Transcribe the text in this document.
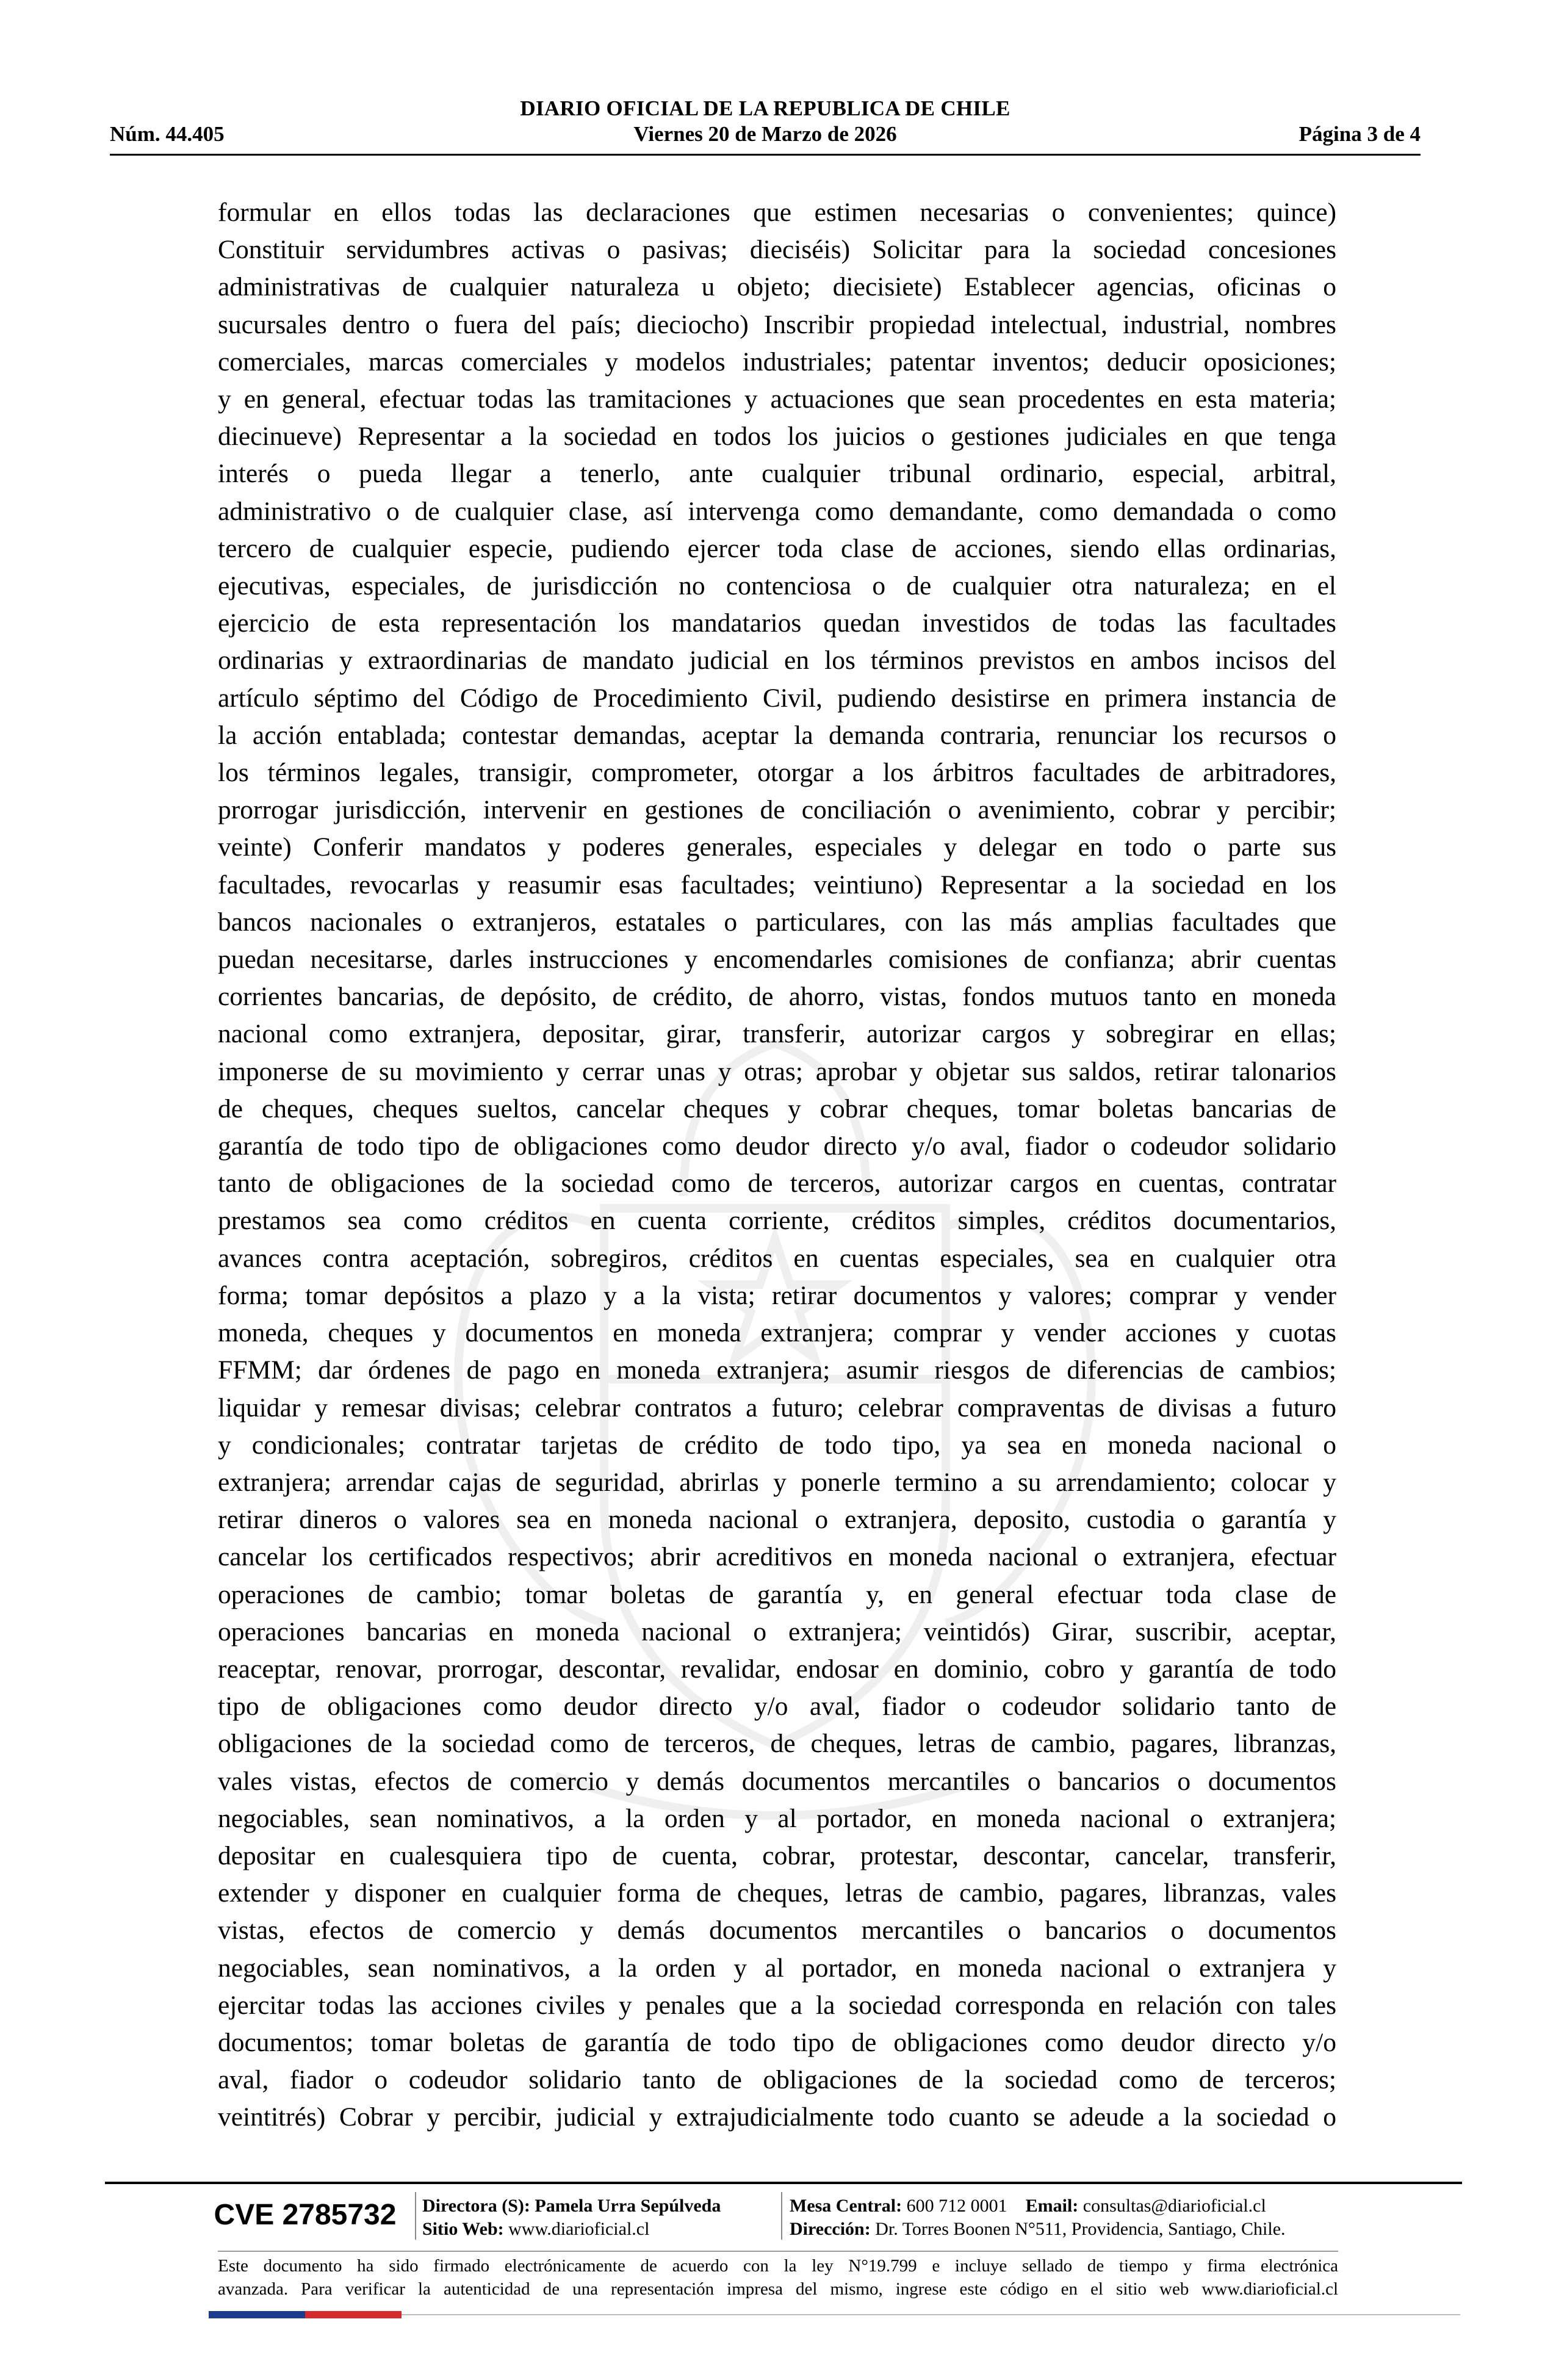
DIARIO OFICIAL DE LA REPUBLICA DE CHILE
Núm. 44.405	Viernes 20 de Marzo de 2026	Página 3 de 4

formular en ellos todas las declaraciones que estimen necesarias o convenientes; quince)

Constituir servidumbres activas o pasivas; dieciséis) Solicitar para la sociedad concesiones

administrativas de cualquier naturaleza u objeto; diecisiete) Establecer agencias, oficinas o

sucursales dentro o fuera del país; dieciocho) Inscribir propiedad intelectual, industrial, nombres

comerciales, marcas comerciales y modelos industriales; patentar inventos; deducir oposiciones;

y en general, efectuar todas las tramitaciones y actuaciones que sean procedentes en esta materia;

diecinueve) Representar a la sociedad en todos los juicios o gestiones judiciales en que tenga

interés o pueda llegar a tenerlo, ante cualquier tribunal ordinario, especial, arbitral,

administrativo o de cualquier clase, así intervenga como demandante, como demandada o como

tercero de cualquier especie, pudiendo ejercer toda clase de acciones, siendo ellas ordinarias,

ejecutivas, especiales, de jurisdicción no contenciosa o de cualquier otra naturaleza; en el

ejercicio de esta representación los mandatarios quedan investidos de todas las facultades

ordinarias y extraordinarias de mandato judicial en los términos previstos en ambos incisos del

artículo séptimo del Código de Procedimiento Civil, pudiendo desistirse en primera instancia de

la acción entablada; contestar demandas, aceptar la demanda contraria, renunciar los recursos o

los términos legales, transigir, comprometer, otorgar a los árbitros facultades de arbitradores,

prorrogar jurisdicción, intervenir en gestiones de conciliación o avenimiento, cobrar y percibir;

veinte) Conferir mandatos y poderes generales, especiales y delegar en todo o parte sus

facultades, revocarlas y reasumir esas facultades; veintiuno) Representar a la sociedad en los

bancos nacionales o extranjeros, estatales o particulares, con las más amplias facultades que

puedan necesitarse, darles instrucciones y encomendarles comisiones de confianza; abrir cuentas

corrientes bancarias, de depósito, de crédito, de ahorro, vistas, fondos mutuos tanto en moneda

nacional como extranjera, depositar, girar, transferir, autorizar cargos y sobregirar en ellas;

imponerse de su movimiento y cerrar unas y otras; aprobar y objetar sus saldos, retirar talonarios

de cheques, cheques sueltos, cancelar cheques y cobrar cheques, tomar boletas bancarias de

garantía de todo tipo de obligaciones como deudor directo y/o aval, fiador o codeudor solidario

tanto de obligaciones de la sociedad como de terceros, autorizar cargos en cuentas, contratar

prestamos sea como créditos en cuenta corriente, créditos simples, créditos documentarios,

avances contra aceptación, sobregiros, créditos en cuentas especiales, sea en cualquier otra

forma; tomar depósitos a plazo y a la vista; retirar documentos y valores; comprar y vender

moneda, cheques y documentos en moneda extranjera; comprar y vender acciones y cuotas

FFMM; dar órdenes de pago en moneda extranjera; asumir riesgos de diferencias de cambios;

liquidar y remesar divisas; celebrar contratos a futuro; celebrar compraventas de divisas a futuro

y condicionales; contratar tarjetas de crédito de todo tipo, ya sea en moneda nacional o

extranjera; arrendar cajas de seguridad, abrirlas y ponerle termino a su arrendamiento; colocar y

retirar dineros o valores sea en moneda nacional o extranjera, deposito, custodia o garantía y

cancelar los certificados respectivos; abrir acreditivos en moneda nacional o extranjera, efectuar

operaciones de cambio; tomar boletas de garantía y, en general efectuar toda clase de

operaciones bancarias en moneda nacional o extranjera; veintidós) Girar, suscribir, aceptar,

reaceptar, renovar, prorrogar, descontar, revalidar, endosar en dominio, cobro y garantía de todo

tipo de obligaciones como deudor directo y/o aval, fiador o codeudor solidario tanto de

obligaciones de la sociedad como de terceros, de cheques, letras de cambio, pagares, libranzas,

vales vistas, efectos de comercio y demás documentos mercantiles o bancarios o documentos

negociables, sean nominativos, a la orden y al portador, en moneda nacional o extranjera;

depositar en cualesquiera tipo de cuenta, cobrar, protestar, descontar, cancelar, transferir,

extender y disponer en cualquier forma de cheques, letras de cambio, pagares, libranzas, vales

vistas, efectos de comercio y demás documentos mercantiles o bancarios o documentos

negociables, sean nominativos, a la orden y al portador, en moneda nacional o extranjera y

ejercitar todas las acciones civiles y penales que a la sociedad corresponda en relación con tales

documentos; tomar boletas de garantía de todo tipo de obligaciones como deudor directo y/o

aval, fiador o codeudor solidario tanto de obligaciones de la sociedad como de terceros;

veintitrés) Cobrar y percibir, judicial y extrajudicialmente todo cuanto se adeude a la sociedad o

CVE 2785732	Directora (S): Pamela Urra Sepúlveda
Sitio Web: www.diarioficial.cl
Mesa Central: 600 712 0001 Email: consultas@diarioficial.cl
Dirección: Dr. Torres Boonen N°511, Providencia, Santiago, Chile.
Este documento ha sido firmado electrónicamente de acuerdo con la ley N°19.799 e incluye sellado de tiempo y firma electrónica
avanzada. Para verificar la autenticidad de una representación impresa del mismo, ingrese este código en el sitio web www.diarioficial.cl
